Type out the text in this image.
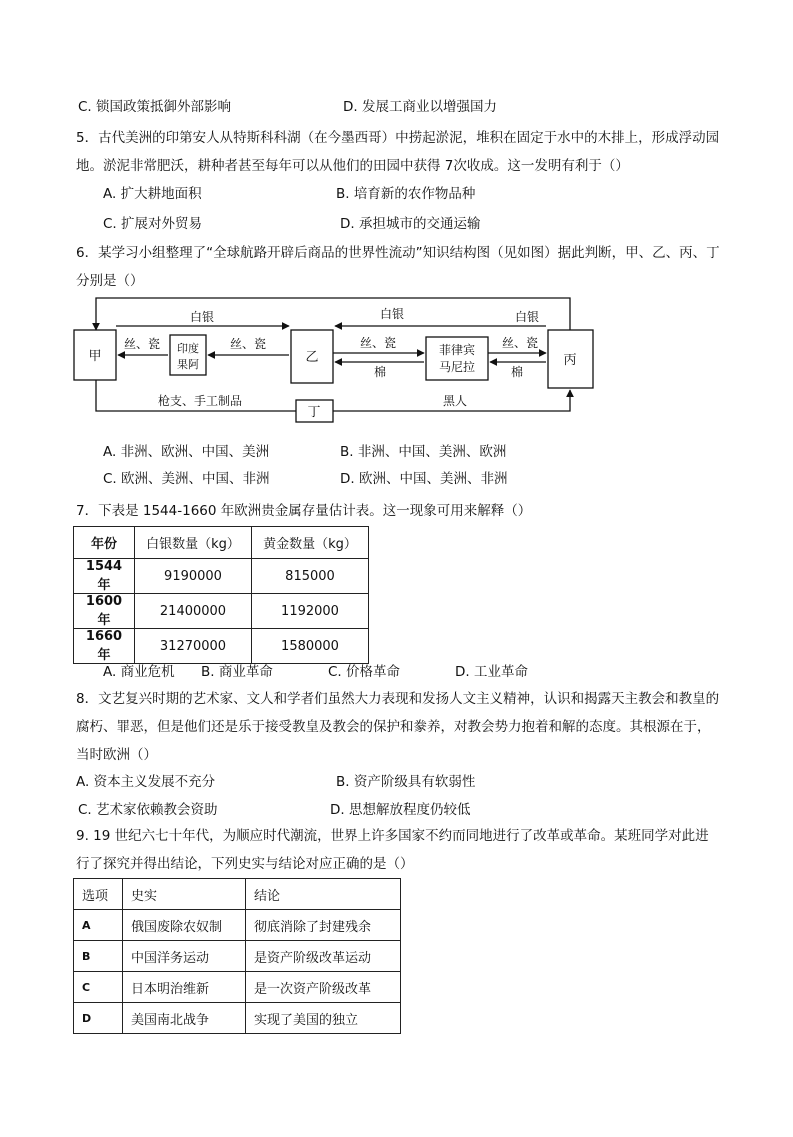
C. 锁国政策抵御外部影响	D. 发展工商业以增强国力
5．古代美洲的印第安人从特斯科科湖（在今墨西哥）中捞起淤泥，堆积在固定于水中的木排上，形成浮动园地。淤泥非常肥沃，耕种者甚至每年可以从他们的田园中获得 7次收成。这一发明有利于（）
A. 扩大耕地面积	B. 培育新的农作物品种
C. 扩展对外贸易	D. 承担城市的交通运输
6．某学习小组整理了“全球航路开辟后商品的世界性流动”知识结构图（见如图）据此判断，甲、乙、丙、丁分别是（）
甲
印度
果阿	乙	菲律宾
马尼拉	丙
丁
白银	白银	白银
丝、瓷	丝、瓷	丝、瓷	丝、瓷
棉	棉
枪支、手工制品	黑人
A. 非洲、欧洲、中国、美洲	B. 非洲、中国、美洲、欧洲
C. 欧洲、美洲、中国、非洲	D. 欧洲、中国、美洲、非洲
7．下表是 1544-1660 年欧洲贵金属存量估计表。这一现象可用来解释（）
年份	白银数量（kg）	黄金数量（kg）
1544 年	9190000	815000
1600 年	21400000	1192000
1660 年	31270000	1580000
A. 商业危机 B. 商业革命	C. 价格革命	D. 工业革命
8．文艺复兴时期的艺术家、文人和学者们虽然大力表现和发扬人文主义精神，认识和揭露天主教会和教皇的腐朽、罪恶，但是他们还是乐于接受教皇及教会的保护和豢养，对教会势力抱着和解的态度。其根源在于，当时欧洲（）
A. 资本主义发展不充分	B. 资产阶级具有软弱性
C. 艺术家依赖教会资助	D. 思想解放程度仍较低
9. 19 世纪六七十年代，为顺应时代潮流，世界上许多国家不约而同地进行了改革或革命。某班同学对此进行了探究并得出结论，下列史实与结论对应正确的是（）
选项	史实	结论
A	俄国废除农奴制	彻底消除了封建残余
B	中国洋务运动	是资产阶级改革运动
C	日本明治维新	是一次资产阶级改革
D	美国南北战争	实现了美国的独立
